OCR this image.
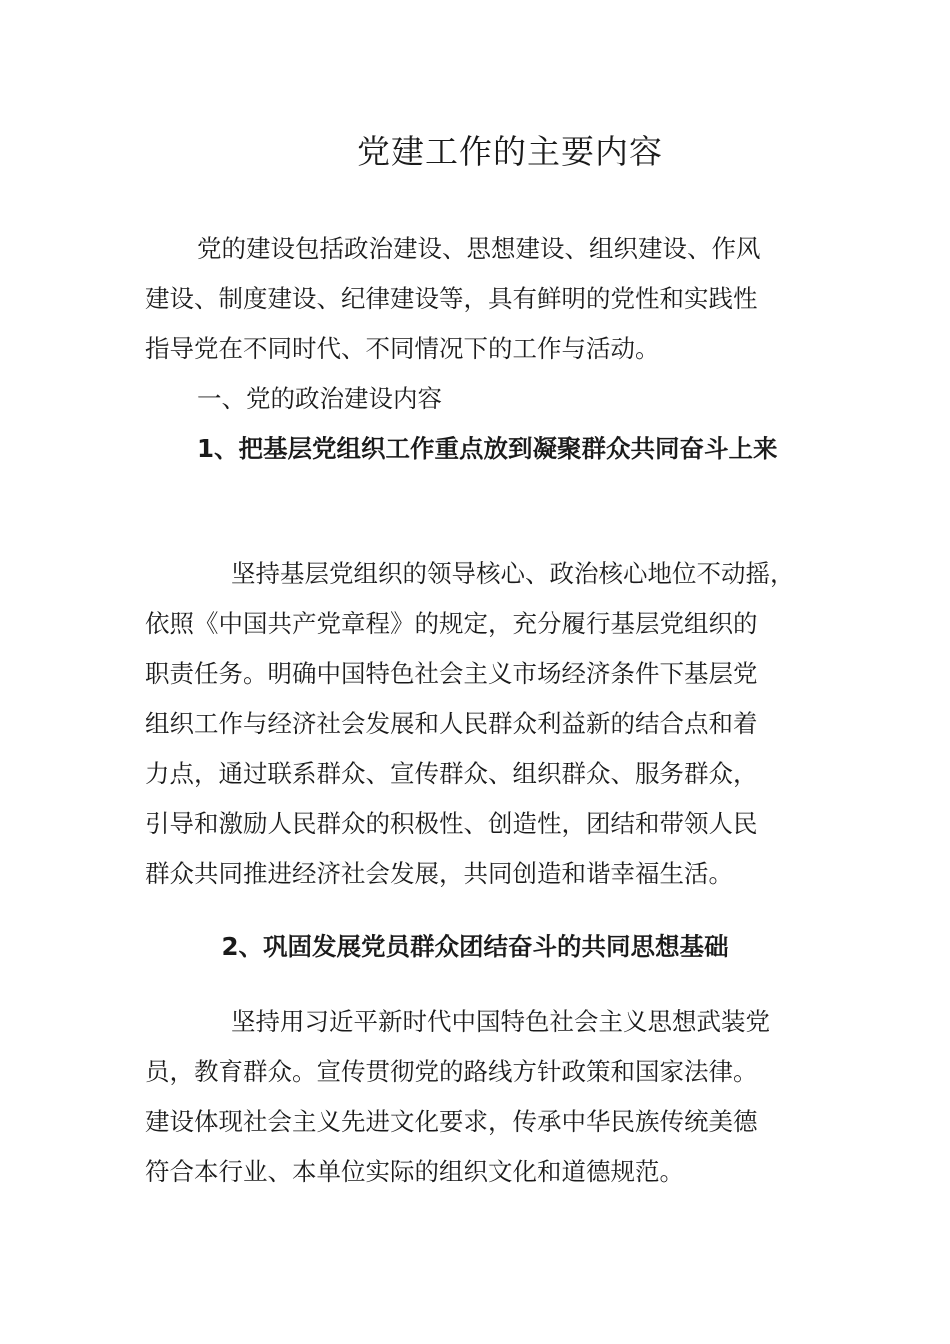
党建工作的主要内容
党的建设包括政治建设、思想建设、组织建设、作风
建设、制度建设、纪律建设等，具有鲜明的党性和实践性
指导党在不同时代、不同情况下的工作与活动。
一、党的政治建设内容
1、把基层党组织工作重点放到凝聚群众共同奋斗上来
坚持基层党组织的领导核心、政治核心地位不动摇，
依照《中国共产党章程》的规定，充分履行基层党组织的
职责任务。明确中国特色社会主义市场经济条件下基层党
组织工作与经济社会发展和人民群众利益新的结合点和着
力点，通过联系群众、宣传群众、组织群众、服务群众，
引导和激励人民群众的积极性、创造性，团结和带领人民
群众共同推进经济社会发展，共同创造和谐幸福生活。
2、巩固发展党员群众团结奋斗的共同思想基础
坚持用习近平新时代中国特色社会主义思想武装党
员，教育群众。宣传贯彻党的路线方针政策和国家法律。
建设体现社会主义先进文化要求，传承中华民族传统美德
符合本行业、本单位实际的组织文化和道德规范。
